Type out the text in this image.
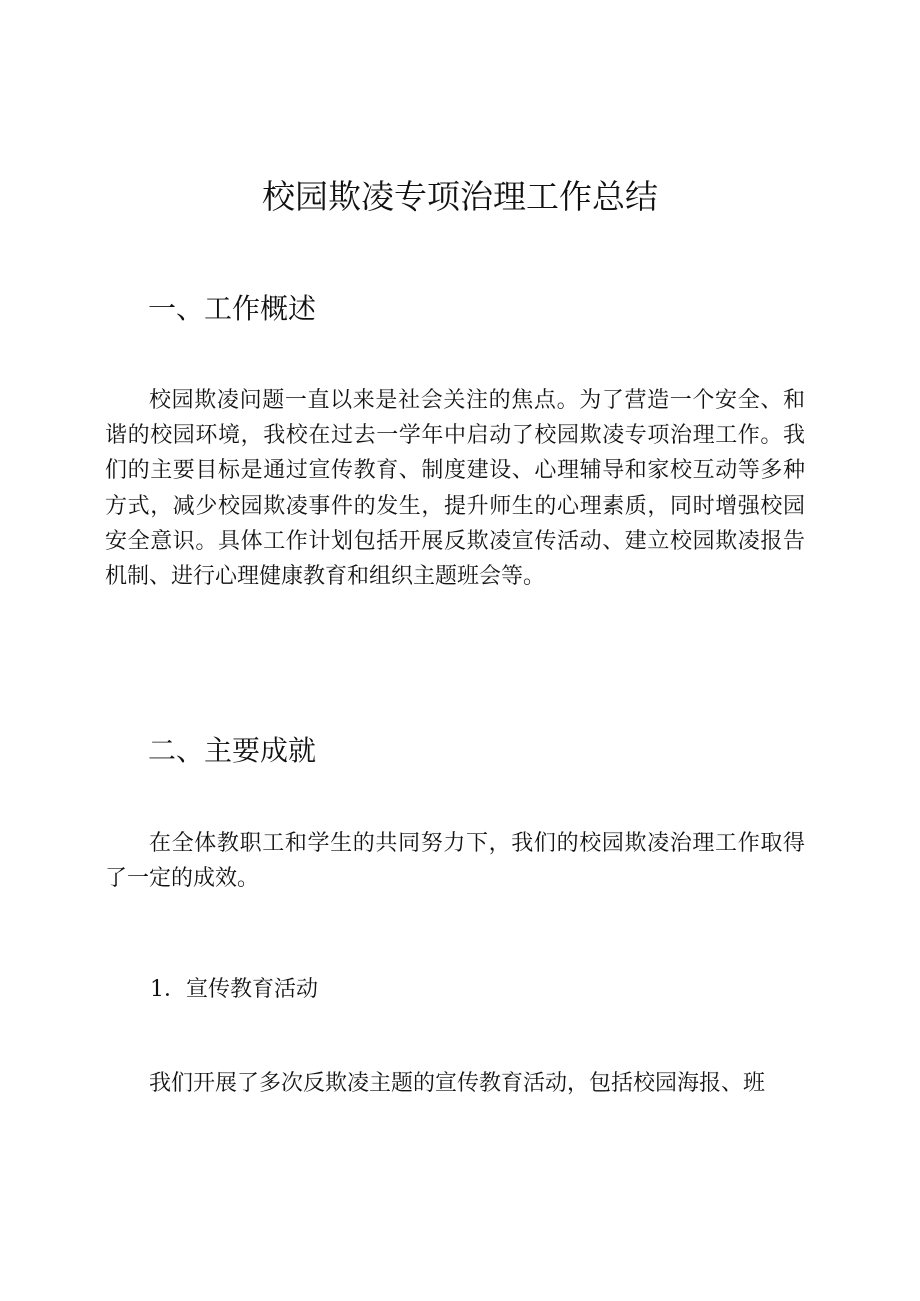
校园欺凌专项治理工作总结
一、工作概述

校园欺凌问题一直以来是社会关注的焦点。为了营造一个安全、和谐的校园环境，我校在过去一学年中启动了校园欺凌专项治理工作。我们的主要目标是通过宣传教育、制度建设、心理辅导和家校互动等多种方式，减少校园欺凌事件的发生，提升师生的心理素质，同时增强校园安全意识。具体工作计划包括开展反欺凌宣传活动、建立校园欺凌报告机制、进行心理健康教育和组织主题班会等。

二、主要成就

在全体教职工和学生的共同努力下，我们的校园欺凌治理工作取得了一定的成效。

1．宣传教育活动

我们开展了多次反欺凌主题的宣传教育活动，包括校园海报、班
